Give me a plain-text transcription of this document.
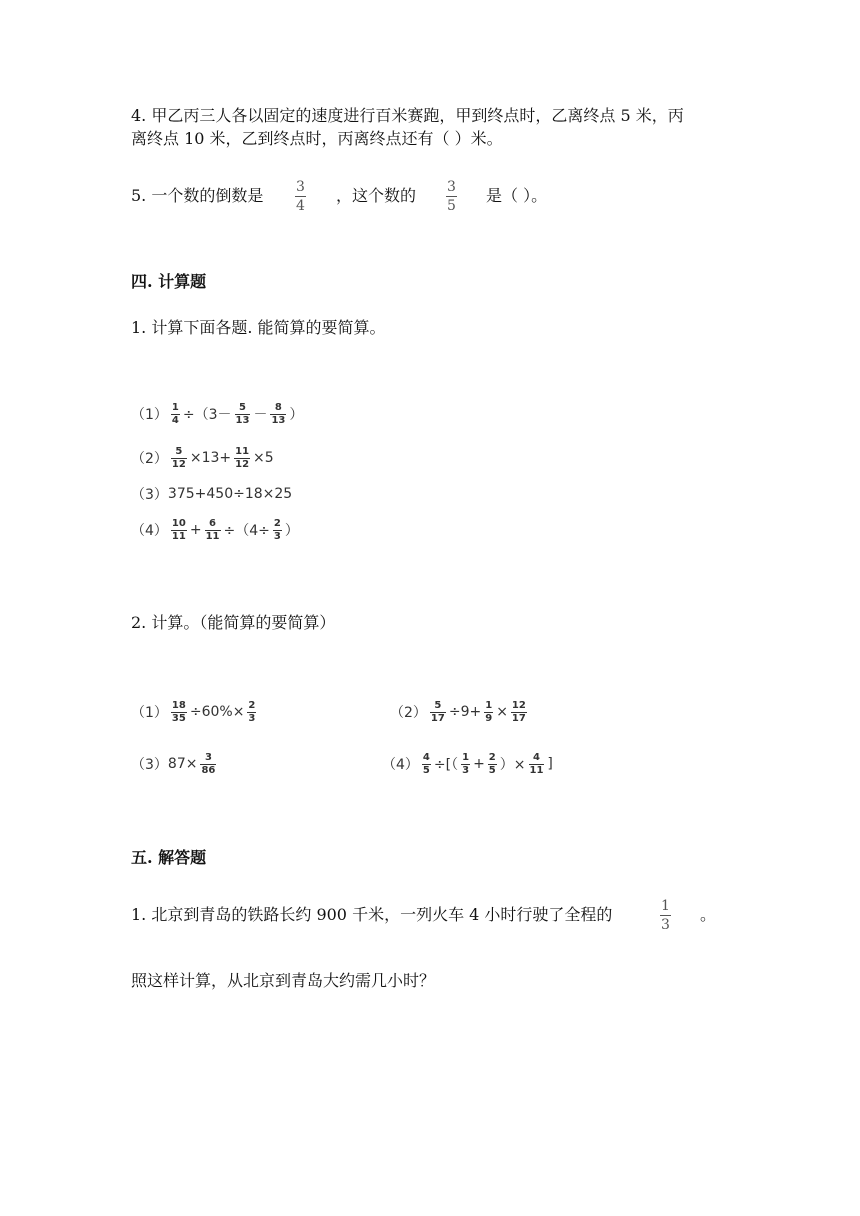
4. 甲乙丙三人各以固定的速度进行百米赛跑，甲到终点时，乙离终点 5 米，丙
离终点 10 米，乙到终点时，丙离终点还有（ ）米。
5. 一个数的倒数是 $\frac{3}{4}$ ，这个数的 $\frac{3}{5}$ 是（ ）。
四. 计算题
1. 计算下面各题. 能简算的要简算。
$(1) \frac{1}{4} \div(3- \frac{5}{13} - \frac{8}{13}$ ）
$(2) \frac{5}{12} \times 13+ \frac{11}{12} \times 5$
（3） 375+450÷18×25
$(4) \frac{10}{11} + \frac{6}{11} \div(4\div \frac{2}{3}$ ）
2. 计算。（能简算的要简算）
$(1) \frac{18}{35} \div 60\%\times \frac{2}{3}$	$(2) \frac{5}{17} \div 9+ \frac{1}{9} \times \frac{12}{17}$
（3） $87\times \frac{3}{86}$	$(4) \frac{4}{5}$ ÷[（ $\frac{1}{3} + \frac{2}{5}$ ）× $\frac{4}{11}$ ]
五. 解答题
1. 北京到青岛的铁路长约 900 千米，一列火车 4 小时行驶了全程的	$\frac{1}{3}$ 。
照这样计算，从北京到青岛大约需几小时？
